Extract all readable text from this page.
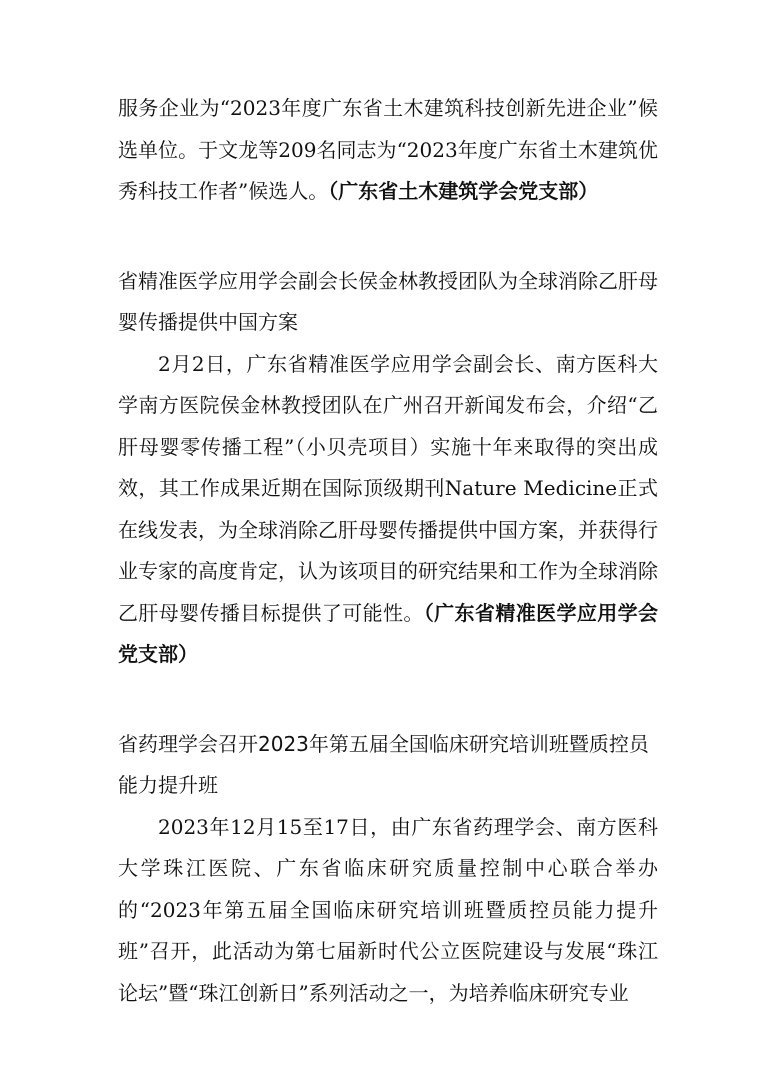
服务企业为“2023年度广东省土木建筑科技创新先进企业”候选单位。于文龙等209名同志为“2023年度广东省土木建筑优秀科技工作者”候选人。（广东省土木建筑学会党支部）

省精准医学应用学会副会长侯金林教授团队为全球消除乙肝母婴传播提供中国方案

2月2日，广东省精准医学应用学会副会长、南方医科大学南方医院侯金林教授团队在广州召开新闻发布会，介绍“乙肝母婴零传播工程”（小贝壳项目）实施十年来取得的突出成效，其工作成果近期在国际顶级期刊Nature Medicine正式在线发表，为全球消除乙肝母婴传播提供中国方案，并获得行业专家的高度肯定，认为该项目的研究结果和工作为全球消除乙肝母婴传播目标提供了可能性。（广东省精准医学应用学会党支部）

省药理学会召开2023年第五届全国临床研究培训班暨质控员能力提升班

2023年12月15至17日，由广东省药理学会、南方医科大学珠江医院、广东省临床研究质量控制中心联合举办的“2023年第五届全国临床研究培训班暨质控员能力提升班”召开，此活动为第七届新时代公立医院建设与发展“珠江论坛”暨“珠江创新日”系列活动之一，为培养临床研究专业
